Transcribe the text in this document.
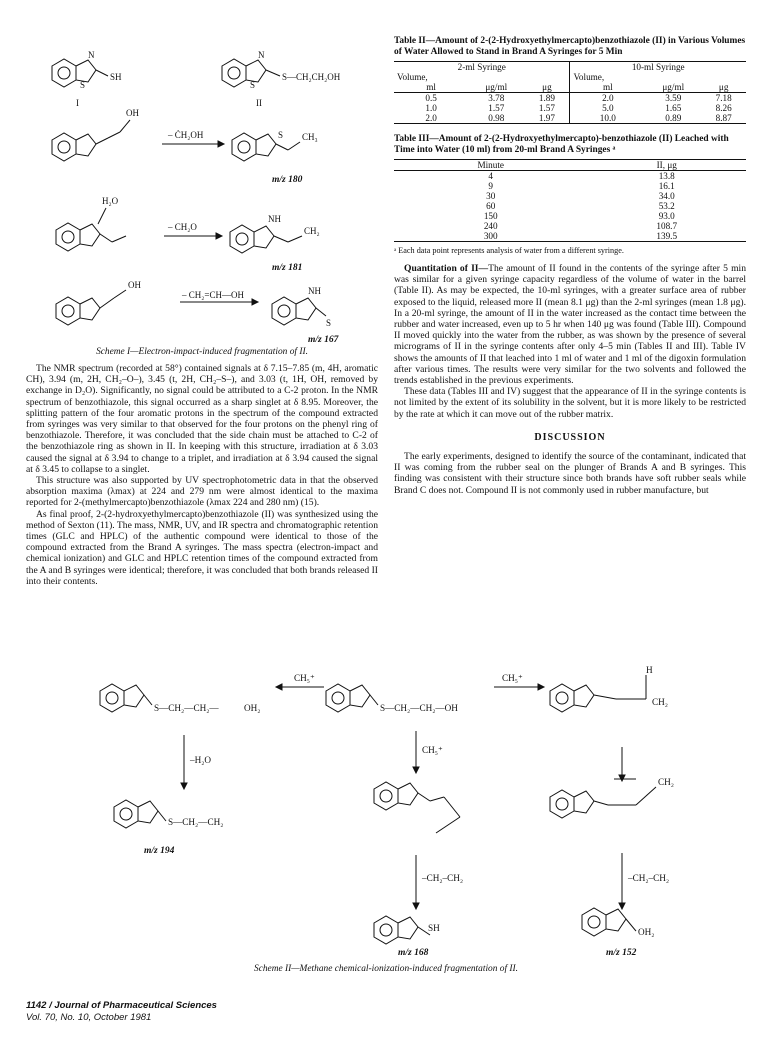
N
S
SH
I
N
S
S—CH₂CH₂OH
II
– ĊH₂OH
OH
S CH₃
m/z 180
– CH₂O
NH
CH₂
m/z 181
H₂O
– CH₂=CH—OH
OH
NH
S
m/z 167
Scheme I—Electron-impact-induced fragmentation of II.

The NMR spectrum (recorded at 58°) contained signals at δ 7.15–7.85 (m, 4H, aromatic CH), 3.94 (m, 2H, CH₂–O–), 3.45 (t, 2H, CH₂–S–), and 3.03 (t, 1H, OH, removed by exchange in D₂O). Significantly, no signal could be attributed to a C-2 proton. In the NMR spectrum of benzothiazole, this signal occurred as a sharp singlet at δ 8.95. Moreover, the splitting pattern of the four aromatic protons in the spectrum of the compound extracted from syringes was very similar to that observed for the four protons on the phenyl ring of benzothiazole. Therefore, it was concluded that the side chain must be attached to C-2 of the benzothiazole ring as shown in II. In keeping with this structure, irradiation at δ 3.03 caused the signal at δ 3.94 to change to a triplet, and irradiation at δ 3.94 caused the signal at δ 3.45 to collapse to a singlet.

This structure was also supported by UV spectrophotometric data in that the observed absorption maxima (λmax) at 224 and 279 nm were almost identical to the maxima reported for 2-(methylmercapto)benzothiazole (λmax 224 and 280 nm) (15).

As final proof, 2-(2-hydroxyethylmercapto)benzothiazole (II) was synthesized using the method of Sexton (11). The mass, NMR, UV, and IR spectra and chromatographic retention times (GLC and HPLC) of the authentic compound were identical to those of the compound extracted from the Brand A syringes. The mass spectra (electron-impact and chemical ionization) and GLC and HPLC retention times of the compound extracted from the A and B syringes were identical; therefore, it was concluded that both brands released II into their contents.

Table II—Amount of 2-(2-Hydroxyethylmercapto)benzothiazole (II) in Various Volumes of Water Allowed to Stand in Brand A Syringes for 5 Min
2-ml Syringe			10-ml Syringe		
Volume,			Volume,		
ml	μg/ml	μg	ml	μg/ml	μg
0.5	3.78	1.89	2.0	3.59	7.18
1.0	1.57	1.57	5.0	1.65	8.26
2.0	0.98	1.97	10.0	0.89	8.87
Table III—Amount of 2-(2-Hydroxyethylmercapto)-benzothiazole (II) Leached with Time into Water (10 ml) from 20-ml Brand A Syringes ᵃ
Minute	II, μg
4	13.8
9	16.1
30	34.0
60	53.2
150	93.0
240	108.7
300	139.5
ᵃ Each data point represents analysis of water from a different syringe.

Quantitation of II—The amount of II found in the contents of the syringe after 5 min was similar for a given syringe capacity regardless of the volume of water in the barrel (Table II). As may be expected, the 10-ml syringes, with a greater surface area of rubber exposed to the liquid, released more II (mean 8.1 μg) than the 2-ml syringes (mean 1.8 μg). In a 20-ml syringe, the amount of II in the water increased as the contact time between the rubber and water increased, even up to 5 hr when 140 μg was found (Table III). Compound II moved quickly into the water from the rubber, as was shown by the presence of several micrograms of II in the syringe contents after only 4–5 min (Tables II and III). Table IV shows the amounts of II that leached into 1 ml of water and 1 ml of the digoxin formulation after various times. The results were very similar for the two solvents and followed the trends established in the previous experiments.

These data (Tables III and IV) suggest that the appearance of II in the syringe contents is not limited by the extent of its solubility in the solvent, but it is more likely to be restricted by the rate at which it can move out of the rubber matrix.

DISCUSSION

The early experiments, designed to identify the source of the contaminant, indicated that II was coming from the rubber seal on the plunger of Brands A and B syringes. This finding was consistent with their structure since both brands have soft rubber seals while Brand C does not. Compound II is not commonly used in rubber manufacture, but

CH₅⁺	CH₅⁺
S—CH₂—CH₂—	OH₂	S—CH₂—CH₂—OH
–H₂O
CH₅⁺
S—CH₂—CH₂
m/z 194
–CH₂–CH₂
SH
m/z 168
–CH₂–CH₂
OH₂
m/z 152
H
CH₂
CH₂
Scheme II—Methane chemical-ionization-induced fragmentation of II.
1142 / Journal of Pharmaceutical Sciences
Vol. 70, No. 10, October 1981
